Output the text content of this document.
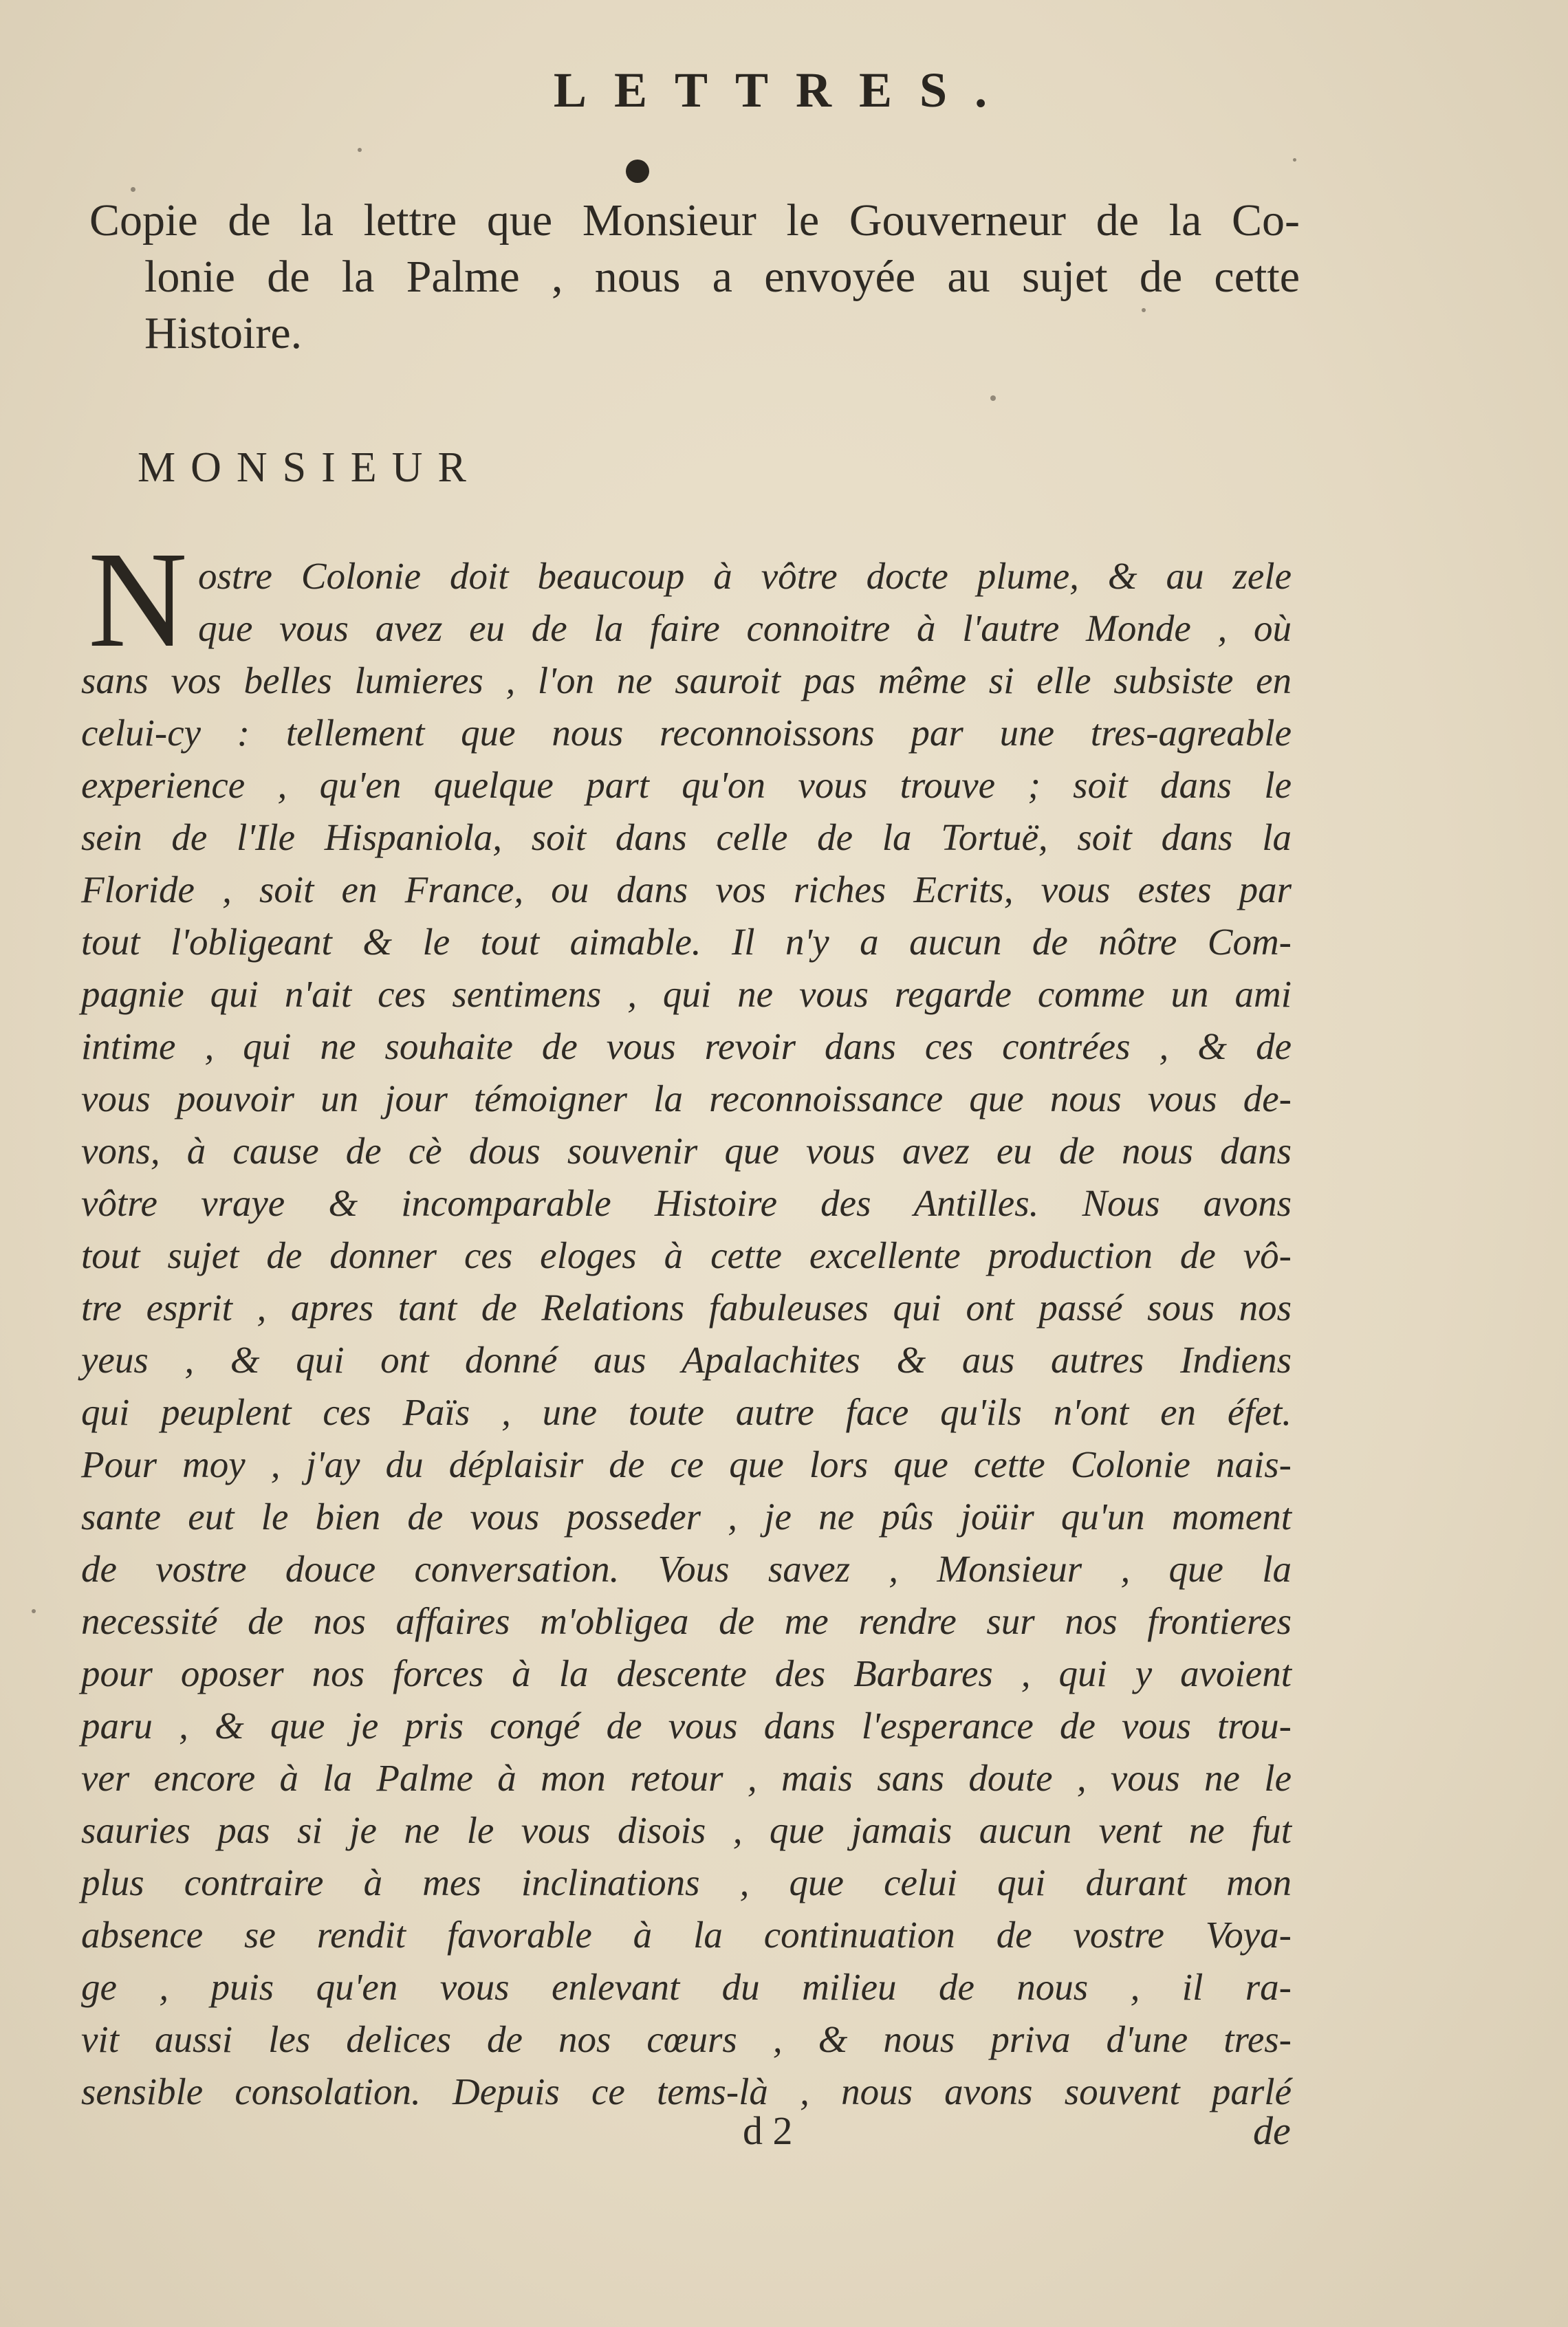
LETTRES.
Copie de la lettre que Monsieur le Gouverneur de la Co-
lonie de la Palme , nous a envoyée au sujet de cette
Histoire.
MONSIEUR
N ostre Colonie doit beaucoup à vôtre docte plume, & au zele
que vous avez eu de la faire connoitre à l'autre Monde , où
sans vos belles lumieres , l'on ne sauroit pas même si elle subsiste en
celui-cy : tellement que nous reconnoissons par une tres-agreable
experience , qu'en quelque part qu'on vous trouve ; soit dans le
sein de l'Ile Hispaniola, soit dans celle de la Tortuë, soit dans la
Floride , soit en France, ou dans vos riches Ecrits, vous estes par
tout l'obligeant & le tout aimable. Il n'y a aucun de nôtre Com-
pagnie qui n'ait ces sentimens , qui ne vous regarde comme un ami
intime , qui ne souhaite de vous revoir dans ces contrées , & de
vous pouvoir un jour témoigner la reconnoissance que nous vous de-
vons, à cause de cè dous souvenir que vous avez eu de nous dans
vôtre vraye & incomparable Histoire des Antilles. Nous avons
tout sujet de donner ces eloges à cette excellente production de vô-
tre esprit , apres tant de Relations fabuleuses qui ont passé sous nos
yeus , & qui ont donné aus Apalachites & aus autres Indiens
qui peuplent ces Païs , une toute autre face qu'ils n'ont en éfet.
Pour moy , j'ay du déplaisir de ce que lors que cette Colonie nais-
sante eut le bien de vous posseder , je ne pûs joüir qu'un moment
de vostre douce conversation. Vous savez , Monsieur , que la
necessité de nos affaires m'obligea de me rendre sur nos frontieres
pour oposer nos forces à la descente des Barbares , qui y avoient
paru , & que je pris congé de vous dans l'esperance de vous trou-
ver encore à la Palme à mon retour , mais sans doute , vous ne le
sauries pas si je ne le vous disois , que jamais aucun vent ne fut
plus contraire à mes inclinations , que celui qui durant mon
absence se rendit favorable à la continuation de vostre Voya-
ge , puis qu'en vous enlevant du milieu de nous , il ra-
vit aussi les delices de nos cœurs , & nous priva d'une tres-
sensible consolation. Depuis ce tems-là , nous avons souvent parlé
d 2	de
